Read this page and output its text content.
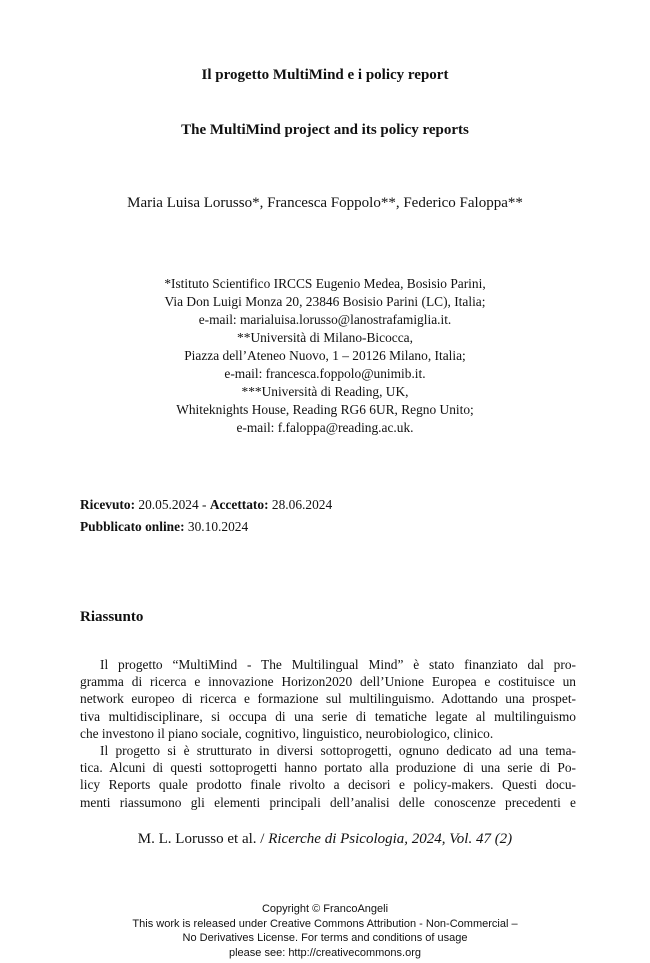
Il progetto MultiMind e i policy report
The MultiMind project and its policy reports
Maria Luisa Lorusso*, Francesca Foppolo**, Federico Faloppa**
*Istituto Scientifico IRCCS Eugenio Medea, Bosisio Parini,
Via Don Luigi Monza 20, 23846 Bosisio Parini (LC), Italia;
e-mail: marialuisa.lorusso@lanostrafamiglia.it.
**Università di Milano-Bicocca,
Piazza dell’Ateneo Nuovo, 1 – 20126 Milano, Italia;
e-mail: francesca.foppolo@unimib.it.
***Università di Reading, UK,
Whiteknights House, Reading RG6 6UR, Regno Unito;
e-mail: f.faloppa@reading.ac.uk.
Ricevuto: 20.05.2024 - Accettato: 28.06.2024
Pubblicato online: 30.10.2024
Riassunto
Il progetto “MultiMind - The Multilingual Mind” è stato finanziato dal pro-
gramma di ricerca e innovazione Horizon2020 dell’Unione Europea e costituisce un
network europeo di ricerca e formazione sul multilinguismo. Adottando una prospet-
tiva multidisciplinare, si occupa di una serie di tematiche legate al multilinguismo
che investono il piano sociale, cognitivo, linguistico, neurobiologico, clinico.
Il progetto si è strutturato in diversi sottoprogetti, ognuno dedicato ad una tema-
tica. Alcuni di questi sottoprogetti hanno portato alla produzione di una serie di Po-
licy Reports quale prodotto finale rivolto a decisori e policy-makers. Questi docu-
menti riassumono gli elementi principali dell’analisi delle conoscenze precedenti e
M. L. Lorusso et al. / Ricerche di Psicologia, 2024, Vol. 47 (2)
Copyright © FrancoAngeli
This work is released under Creative Commons Attribution - Non-Commercial –
No Derivatives License. For terms and conditions of usage
please see: http://creativecommons.org
